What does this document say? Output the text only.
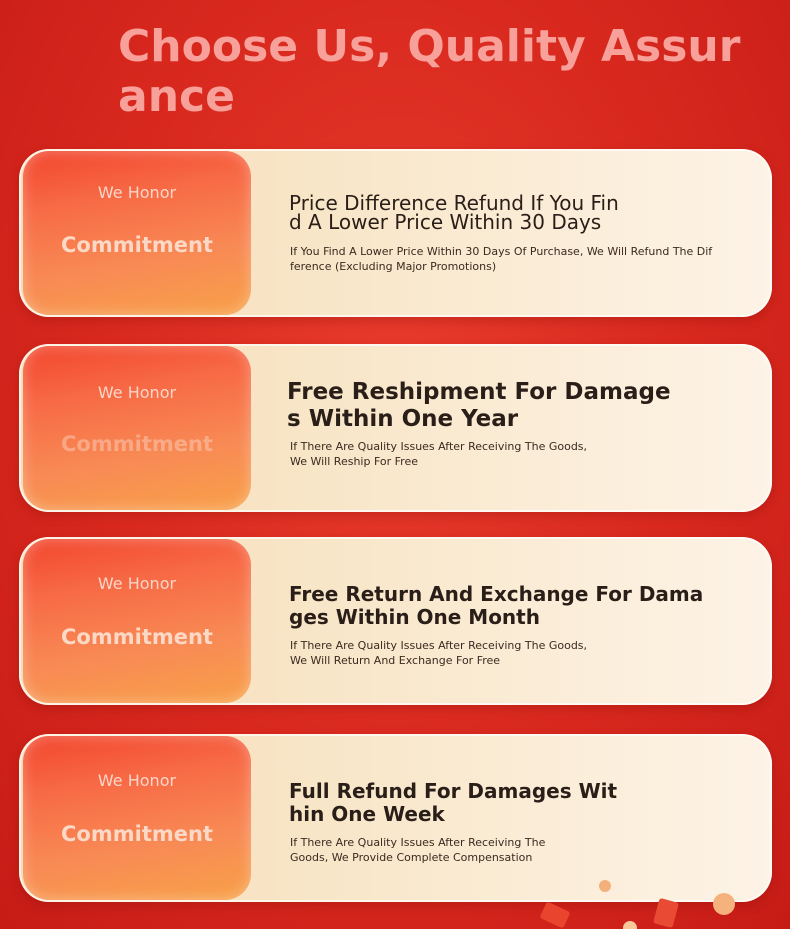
Choose Us, Quality Assurance
We Honor
Commitment
Price Difference Refund If You Find A Lower Price Within 30 Days
If You Find A Lower Price Within 30 Days Of Purchase, We Will Refund The Difference (Excluding Major Promotions)
We Honor
Commitment
Free Reshipment For Damages Within One Year
If There Are Quality Issues After Receiving The Goods, We Will Reship For Free
We Honor
Commitment
Free Return And Exchange For Damages Within One Month
If There Are Quality Issues After Receiving The Goods, We Will Return And Exchange For Free
We Honor
Commitment
Full Refund For Damages Within One Week
If There Are Quality Issues After Receiving The Goods, We Provide Complete Compensation
